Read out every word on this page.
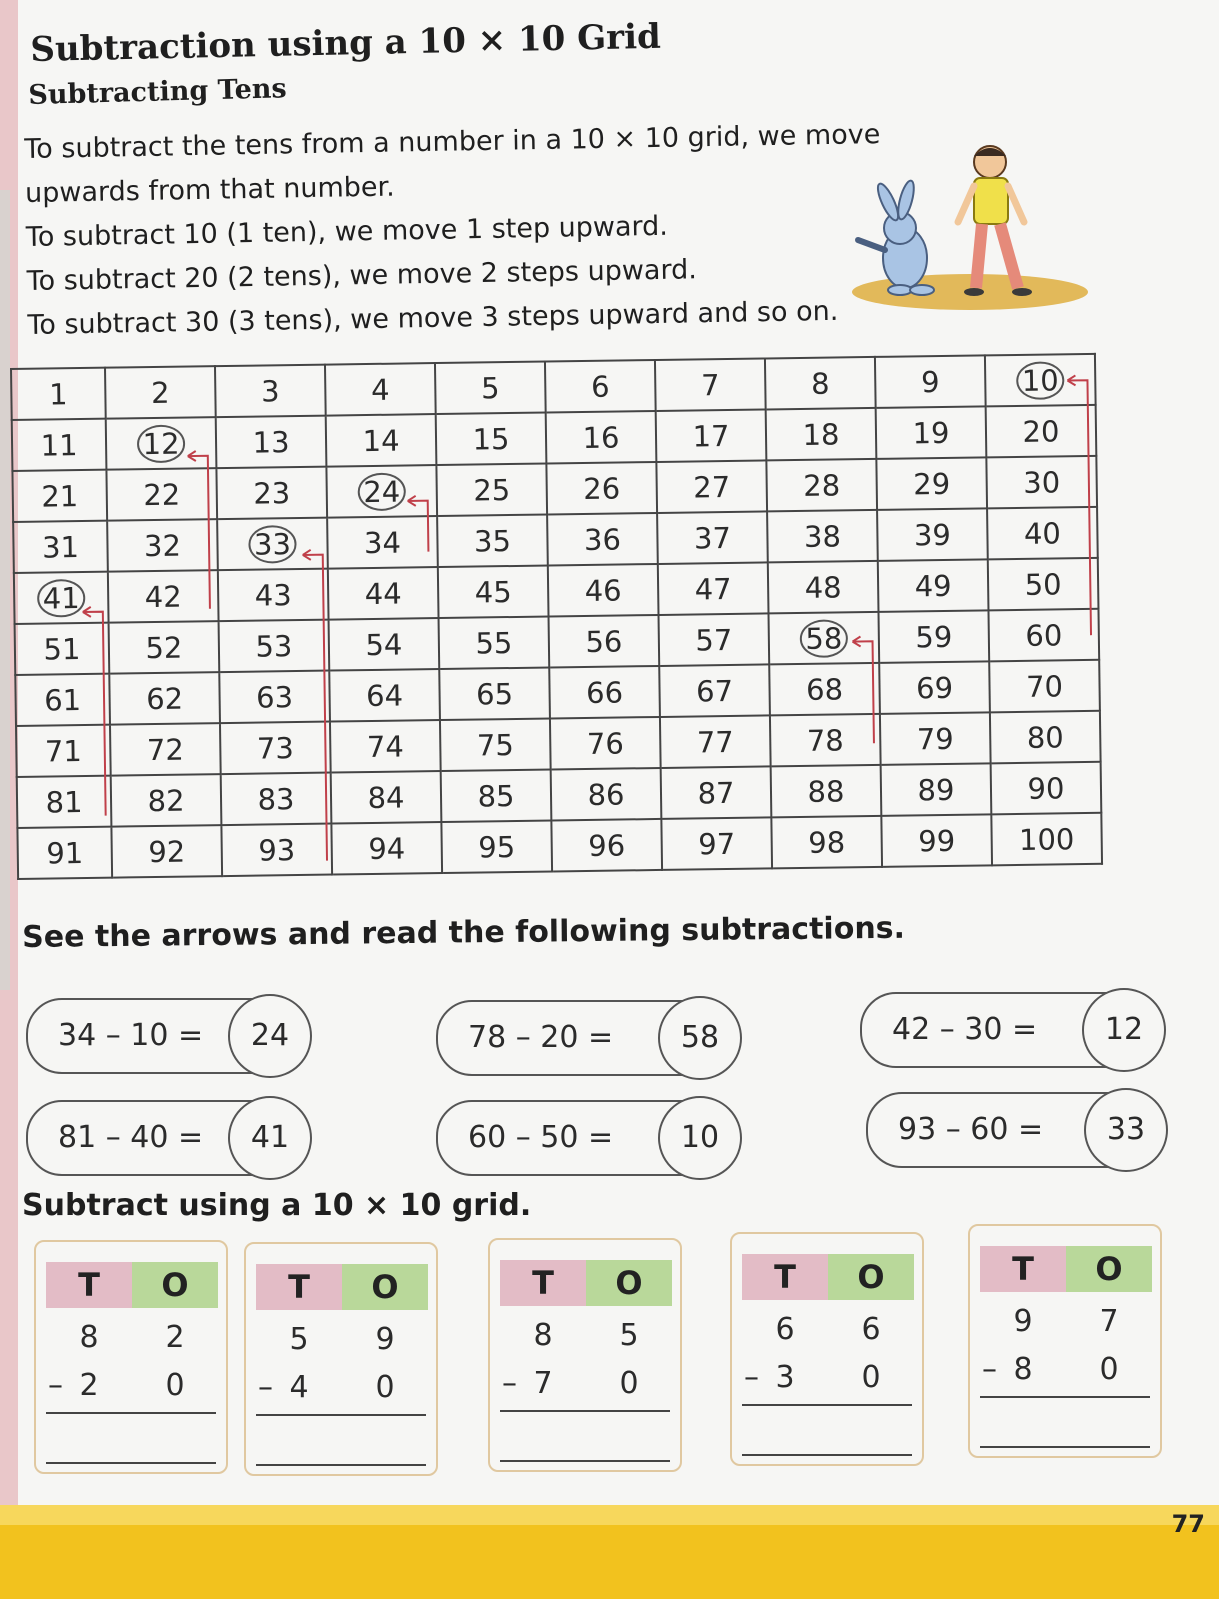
Subtraction using a 10 × 10 Grid
Subtracting Tens

To subtract the tens from a number in a 10 × 10 grid, we move

upwards from that number.

To subtract 10 (1 ten), we move 1 step upward.

To subtract 20 (2 tens), we move 2 steps upward.

To subtract 30 (3 tens), we move 3 steps upward and so on.

1	2	3	4	5	6	7	8	9	10
11	12	13	14	15	16	17	18	19	20
21	22	23	24	25	26	27	28	29	30
31	32	33	34	35	36	37	38	39	40
41	42	43	44	45	46	47	48	49	50
51	52	53	54	55	56	57	58	59	60
61	62	63	64	65	66	67	68	69	70
71	72	73	74	75	76	77	78	79	80
81	82	83	84	85	86	87	88	89	90
91	92	93	94	95	96	97	98	99	100
See the arrows and read the following subtractions.
34 – 10 =	24	78 – 20 =	58	42 – 30 =	12
81 – 40 =	41	60 – 50 =	10	93 – 60 =	33
Subtract using a 10 × 10 grid.
T	O
8	2
– 2	0
T	O
5	9
– 4	0
T	O
8	5
– 7	0
T	O
6	6
– 3	0
T	O
9	7
– 8	0
77
